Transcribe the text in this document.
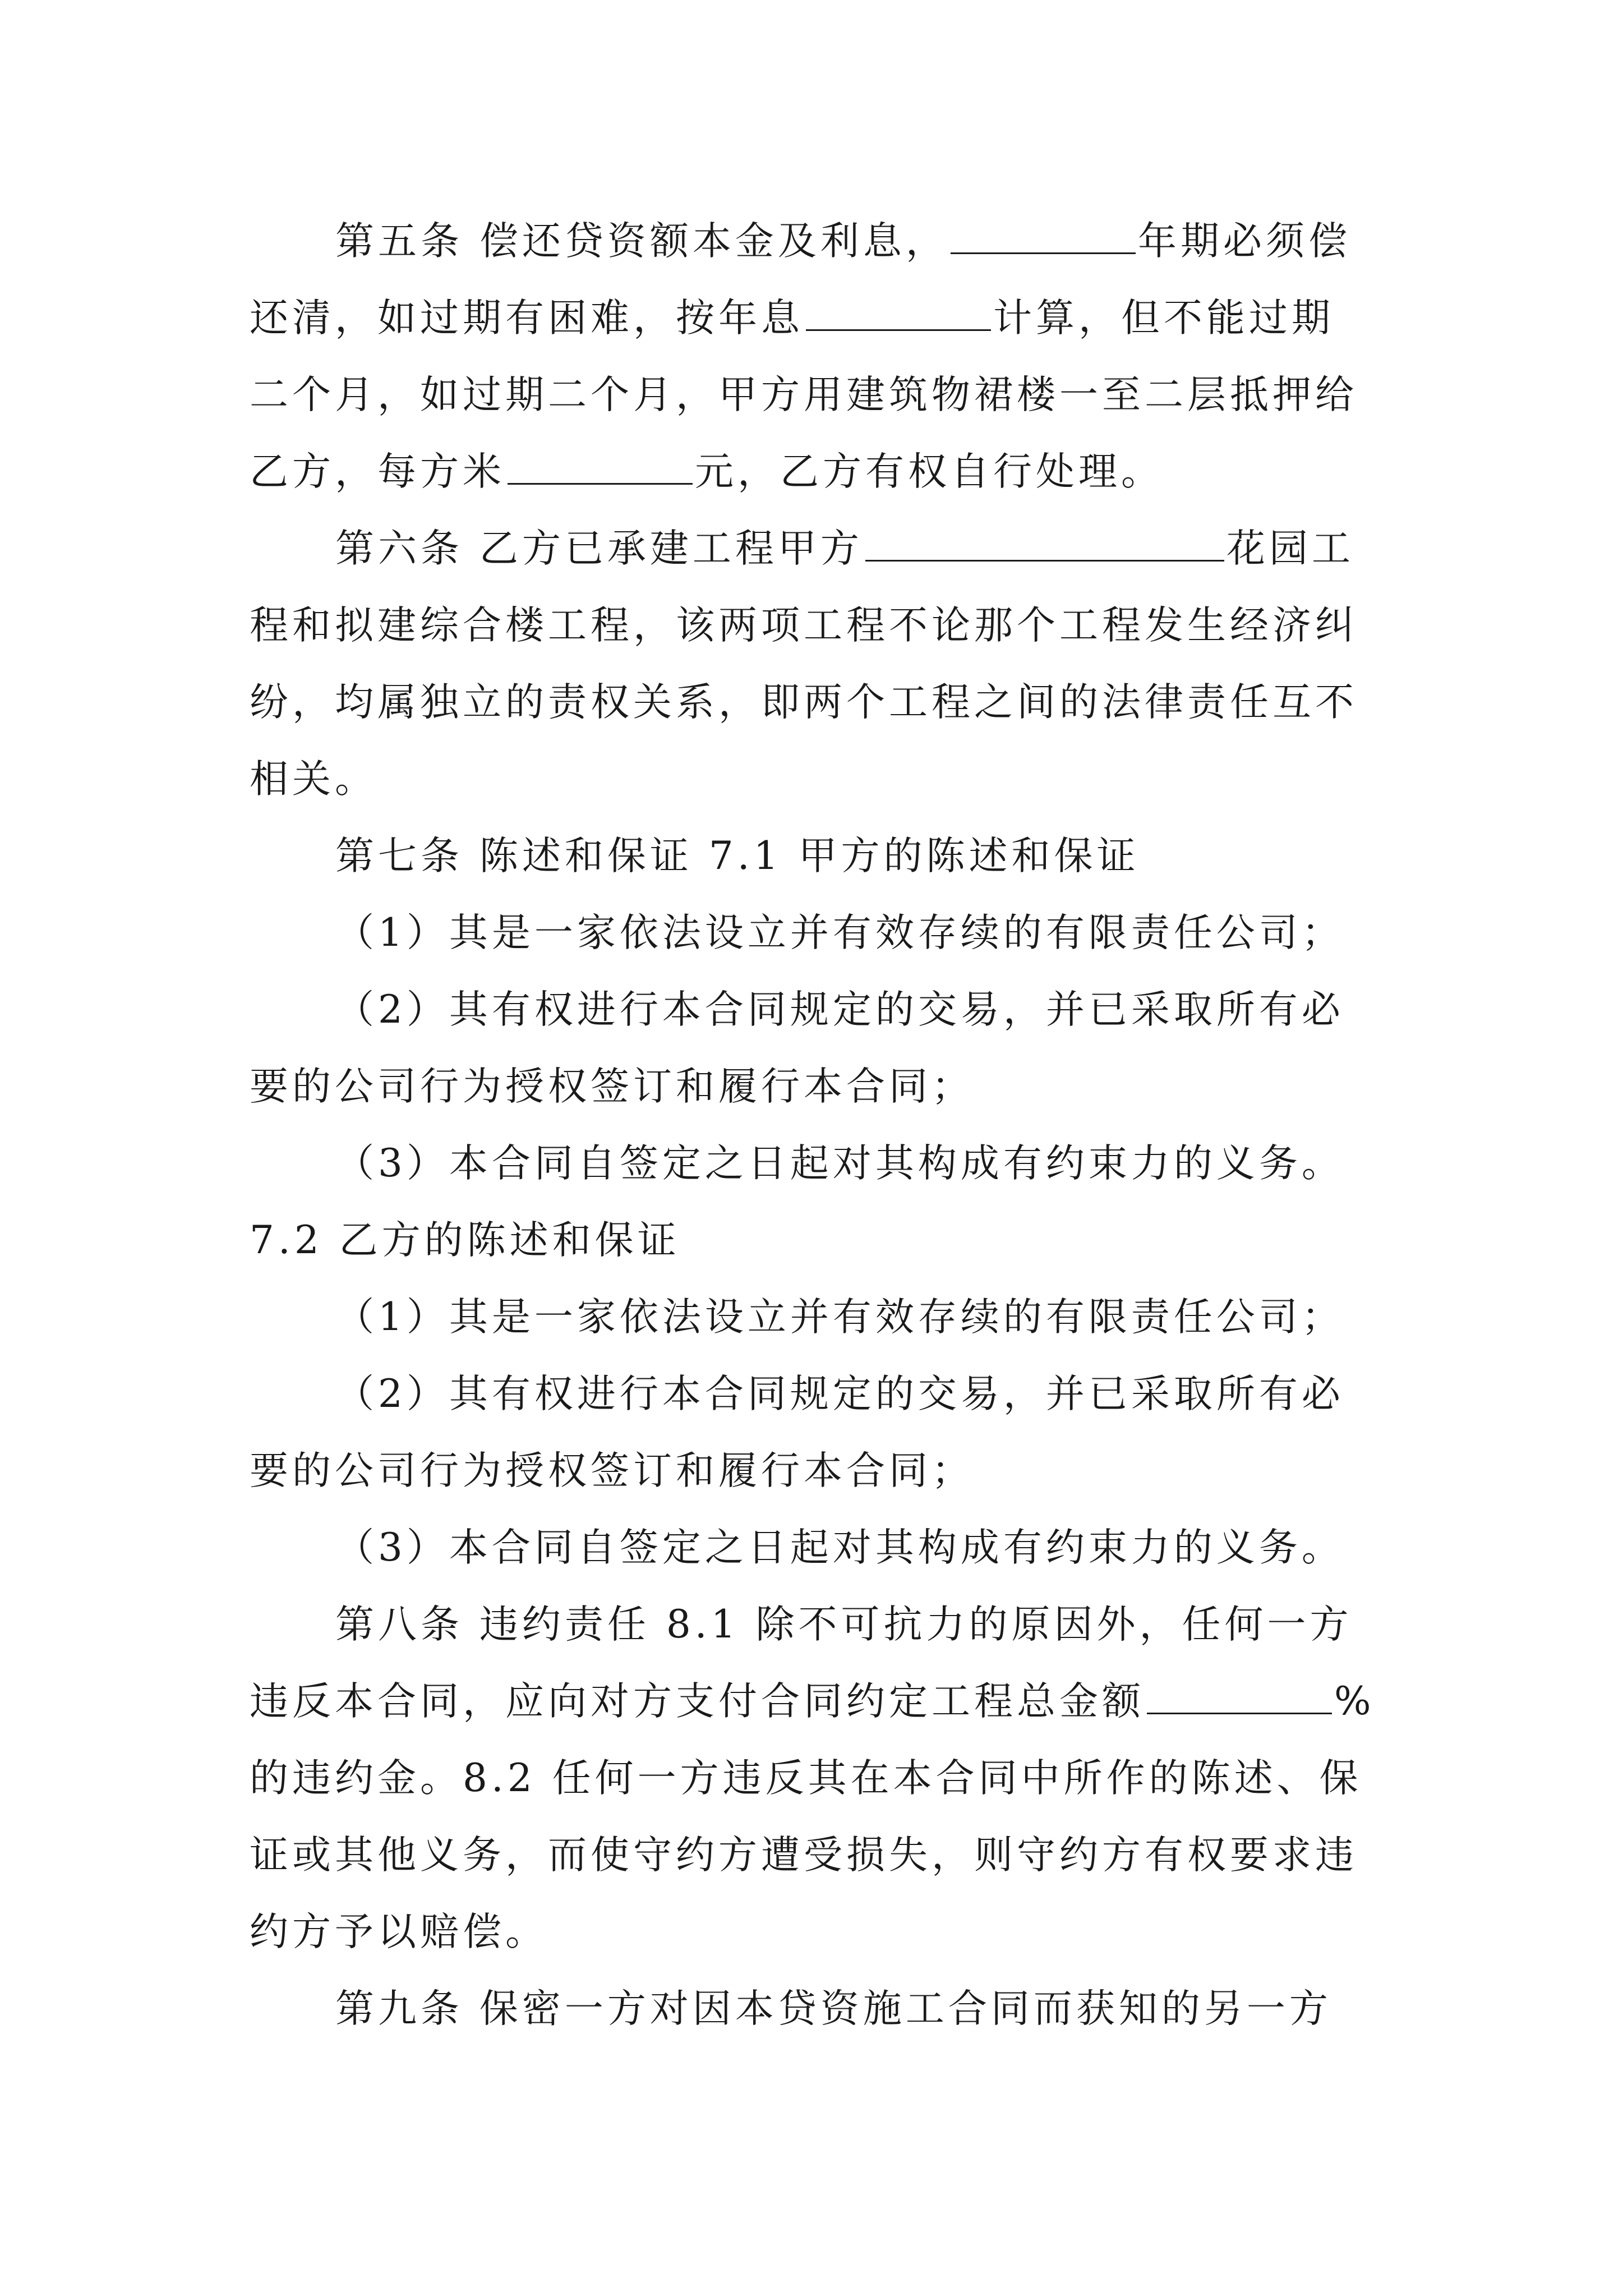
第五条 偿还贷资额本金及利息，	年期必须偿
还清，如过期有困难，按年息	计算，但不能过期
二个月，如过期二个月，甲方用建筑物裙楼一至二层抵押给
乙方，每方米	元，乙方有权自行处理。
第六条 乙方已承建工程甲方	花园工
程和拟建综合楼工程，该两项工程不论那个工程发生经济纠
纷，均属独立的责权关系，即两个工程之间的法律责任互不
相关。
第七条 陈述和保证 7.1 甲方的陈述和保证
（1）其是一家依法设立并有效存续的有限责任公司；
（2）其有权进行本合同规定的交易，并已采取所有必
要的公司行为授权签订和履行本合同；
（3）本合同自签定之日起对其构成有约束力的义务。
7.2 乙方的陈述和保证
（1）其是一家依法设立并有效存续的有限责任公司；
（2）其有权进行本合同规定的交易，并已采取所有必
要的公司行为授权签订和履行本合同；
（3）本合同自签定之日起对其构成有约束力的义务。
第八条 违约责任 8.1 除不可抗力的原因外，任何一方
违反本合同，应向对方支付合同约定工程总金额	%
的违约金。8.2 任何一方违反其在本合同中所作的陈述、保
证或其他义务，而使守约方遭受损失，则守约方有权要求违
约方予以赔偿。
第九条 保密一方对因本贷资施工合同而获知的另一方
